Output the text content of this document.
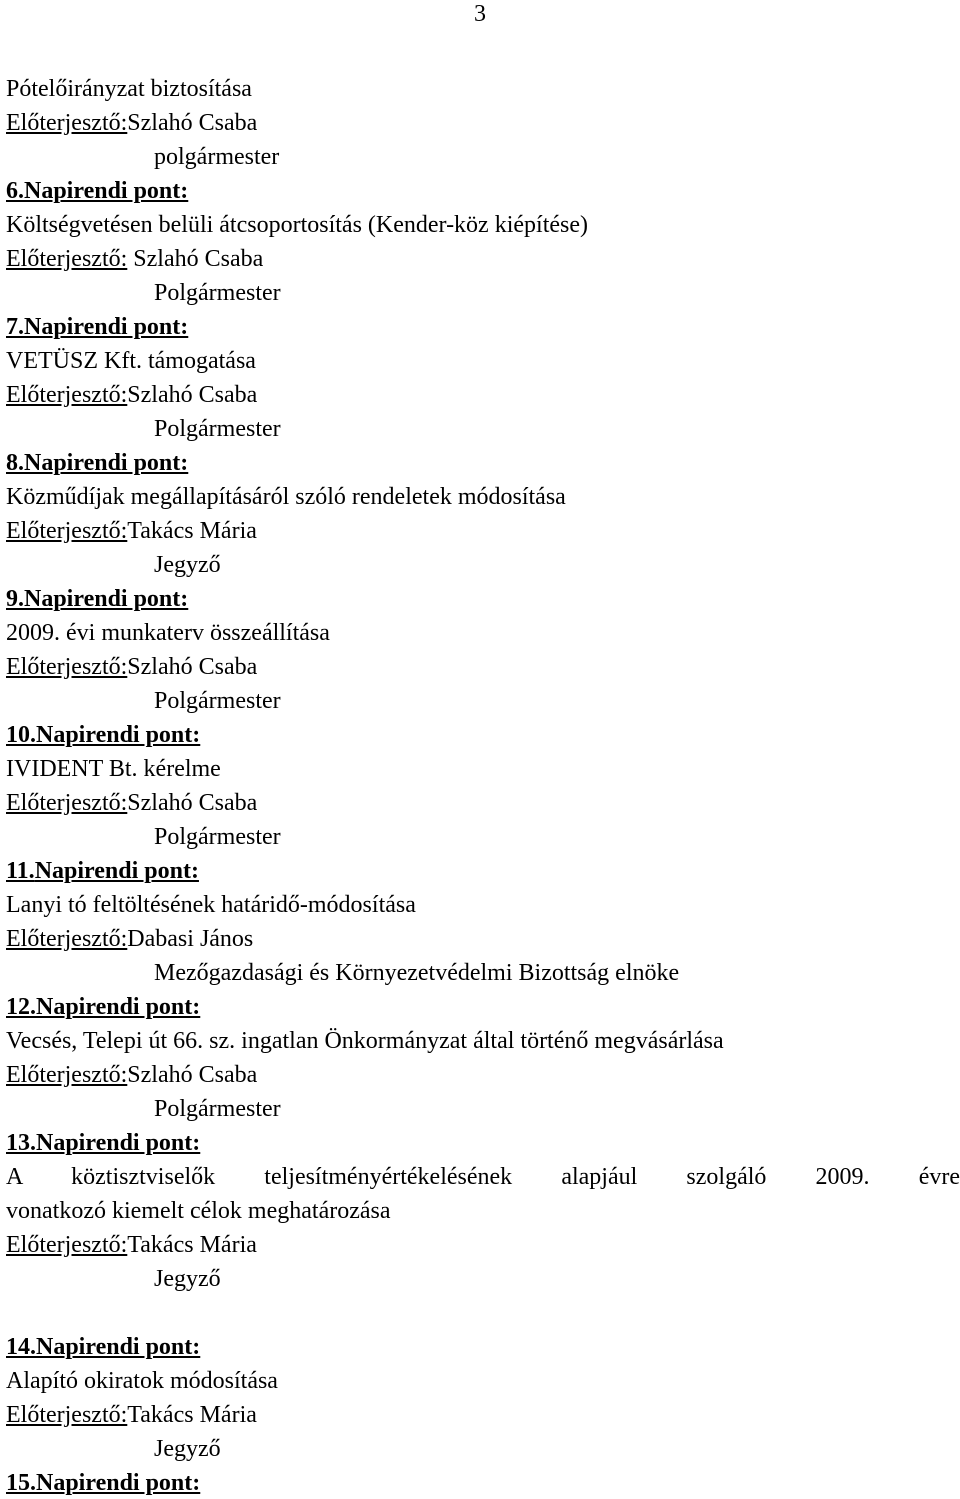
3
Pótelőirányzat biztosítása
Előterjesztő:Szlahó Csaba
polgármester
6.Napirendi pont:
Költségvetésen belüli átcsoportosítás (Kender-köz kiépítése)
Előterjesztő: Szlahó Csaba
Polgármester
7.Napirendi pont:
VETÜSZ Kft. támogatása
Előterjesztő:Szlahó Csaba
Polgármester
8.Napirendi pont:
Közműdíjak megállapításáról szóló rendeletek módosítása
Előterjesztő:Takács Mária
Jegyző
9.Napirendi pont:
2009. évi munkaterv összeállítása
Előterjesztő:Szlahó Csaba
Polgármester
10.Napirendi pont:
IVIDENT Bt. kérelme
Előterjesztő:Szlahó Csaba
Polgármester
11.Napirendi pont:
Lanyi tó feltöltésének határidő-módosítása
Előterjesztő:Dabasi János
Mezőgazdasági és Környezetvédelmi Bizottság elnöke
12.Napirendi pont:
Vecsés, Telepi út 66. sz. ingatlan Önkormányzat által történő megvásárlása
Előterjesztő:Szlahó Csaba
Polgármester
13.Napirendi pont:
A köztisztviselők teljesítményértékelésének alapjául szolgáló 2009. évre
vonatkozó kiemelt célok meghatározása
Előterjesztő:Takács Mária
Jegyző
14.Napirendi pont:
Alapító okiratok módosítása
Előterjesztő:Takács Mária
Jegyző
15.Napirendi pont:
